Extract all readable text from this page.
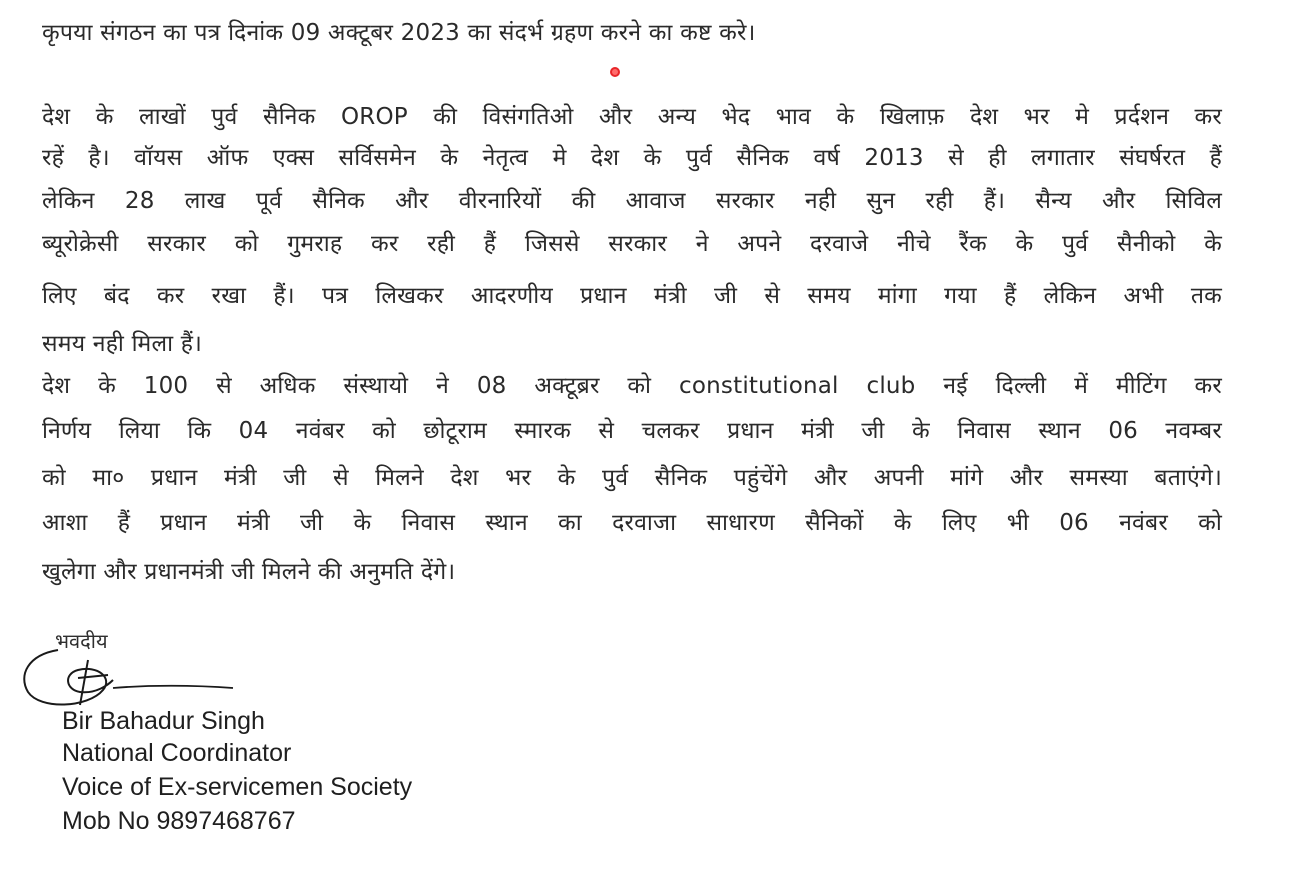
कृपया संगठन का पत्र दिनांक 09 अक्टूबर 2023 का संदर्भ ग्रहण करने का कष्ट करे।
देश के लाखों पुर्व सैनिक OROP की विसंगतिओ और अन्य भेद भाव के खिलाफ़ देश भर मे प्रर्दशन कर
रहें है। वॉयस ऑफ एक्स सर्विसमेन के नेतृत्व मे देश के पुर्व सैनिक वर्ष 2013 से ही लगातार संघर्षरत हैं
लेकिन 28 लाख पूर्व सैनिक और वीरनारियों की आवाज सरकार नही सुन रही हैं। सैन्य और सिविल
ब्यूरोक्रेसी सरकार को गुमराह कर रही हैं जिससे सरकार ने अपने दरवाजे नीचे रैंक के पुर्व सैनीको के
लिए बंद कर रखा हैं। पत्र लिखकर आदरणीय प्रधान मंत्री जी से समय मांगा गया हैं लेकिन अभी तक
समय नही मिला हैं।
देश के 100 से अधिक संस्थायो ने 08 अक्टूब्रर को constitutional club नई दिल्ली में मीटिंग कर
निर्णय लिया कि 04 नवंबर को छोटूराम स्मारक से चलकर प्रधान मंत्री जी के निवास स्थान 06 नवम्बर
को मा० प्रधान मंत्री जी से मिलने देश भर के पुर्व सैनिक पहुंचेंगे और अपनी मांगे और समस्या बताएंगे।
आशा हैं प्रधान मंत्री जी के निवास स्थान का दरवाजा साधारण सैनिकों के लिए भी 06 नवंबर को
खुलेगा और प्रधानमंत्री जी मिलने की अनुमति देंगे।
भवदीय
Bir Bahadur Singh
National Coordinator
Voice of Ex-servicemen Society
Mob No 9897468767
